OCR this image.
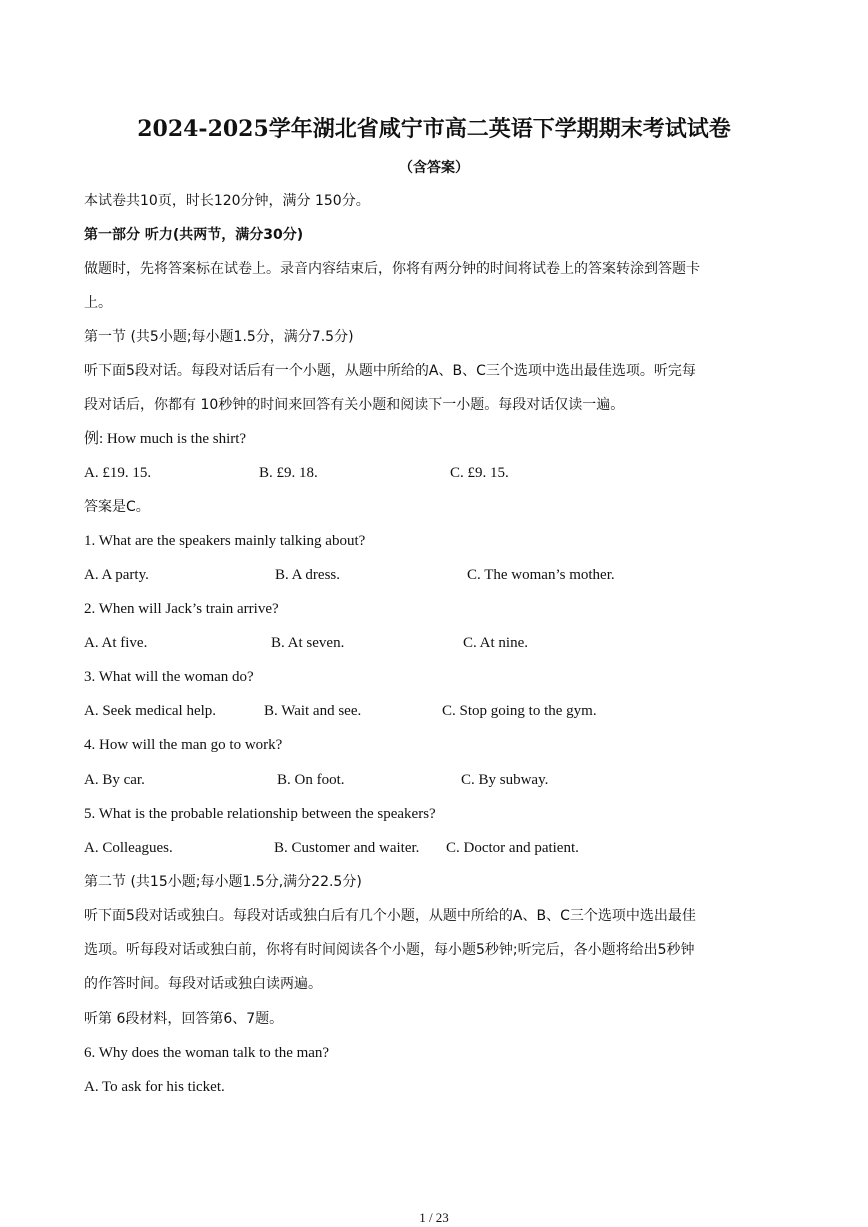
2024-2025学年湖北省咸宁市高二英语下学期期末考试试卷
（含答案）
本试卷共10页，时长120分钟，满分 150分。
第一部分 听力(共两节，满分30分)
做题时，先将答案标在试卷上。录音内容结束后，你将有两分钟的时间将试卷上的答案转涂到答题卡
上。
第一节 (共5小题;每小题1.5分，满分7.5分)
听下面5段对话。每段对话后有一个小题，从题中所给的A、B、C三个选项中选出最佳选项。听完每
段对话后，你都有 10秒钟的时间来回答有关小题和阅读下一小题。每段对话仅读一遍。
例: How much is the shirt?
A. £19. 15.	B. £9. 18.	C. £9. 15.
答案是C。
1. What are the speakers mainly talking about?
A. A party.	B. A dress.	C. The woman’s mother.
2. When will Jack’s train arrive?
A. At five.	B. At seven.	C. At nine.
3. What will the woman do?
A. Seek medical help.	B. Wait and see.	C. Stop going to the gym.
4. How will the man go to work?
A. By car.	B. On foot.	C. By subway.
5. What is the probable relationship between the speakers?
A. Colleagues.	B. Customer and waiter. C. Doctor and patient.
第二节 (共15小题;每小题1.5分,满分22.5分)
听下面5段对话或独白。每段对话或独白后有几个小题，从题中所给的A、B、C三个选项中选出最佳
选项。听每段对话或独白前，你将有时间阅读各个小题，每小题5秒钟;听完后，各小题将给出5秒钟
的作答时间。每段对话或独白读两遍。
听第 6段材料，回答第6、7题。
6. Why does the woman talk to the man?
A. To ask for his ticket.
1 / 23
